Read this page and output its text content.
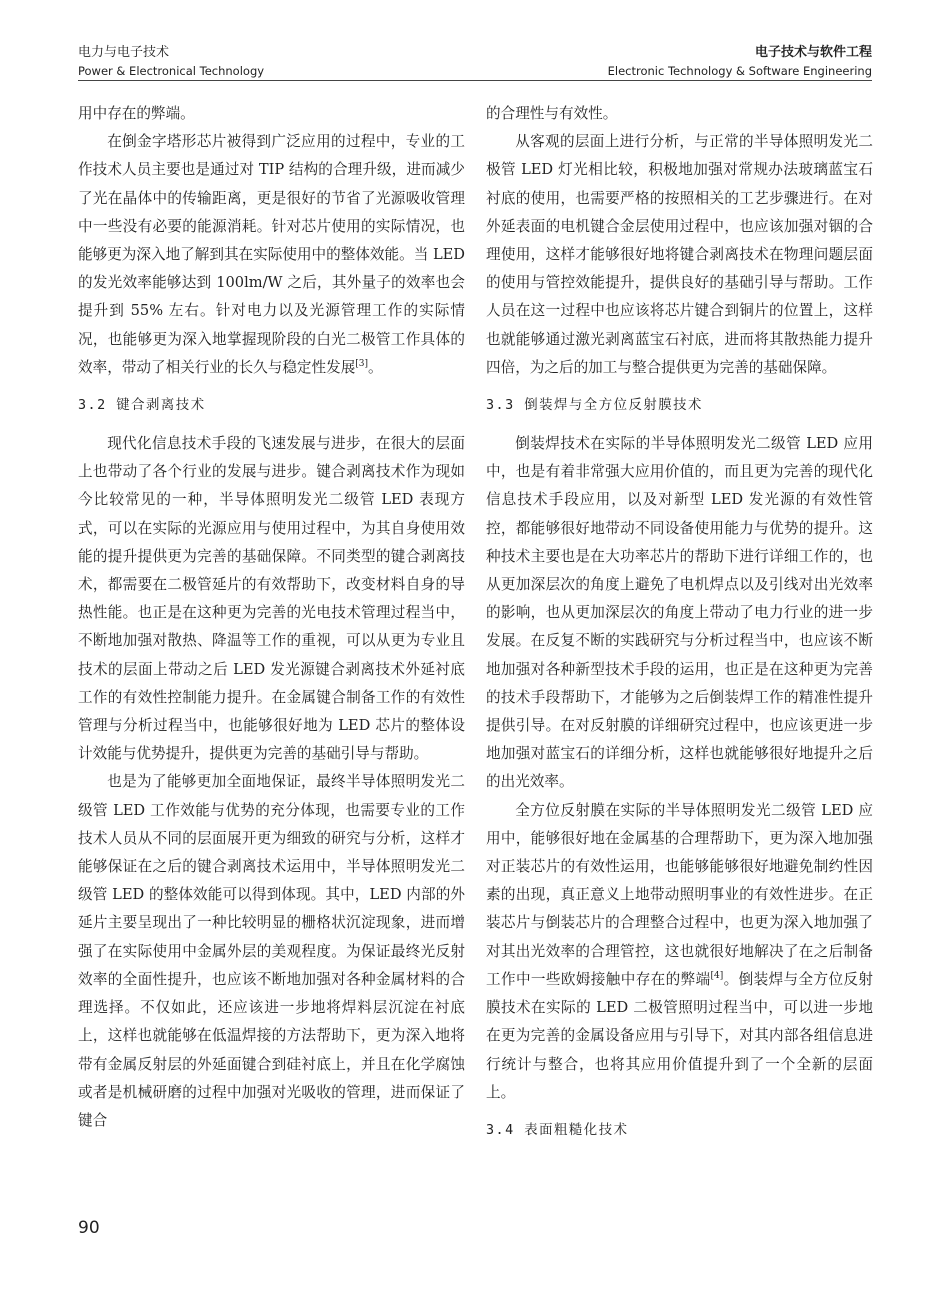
电力与电子技术
Power & Electronical Technology
电子技术与软件工程
Electronic Technology & Software Engineering

用中存在的弊端。

在倒金字塔形芯片被得到广泛应用的过程中，专业的工作技术人员主要也是通过对 TIP 结构的合理升级，进而减少了光在晶体中的传输距离，更是很好的节省了光源吸收管理中一些没有必要的能源消耗。针对芯片使用的实际情况，也能够更为深入地了解到其在实际使用中的整体效能。当 LED 的发光效率能够达到 100lm/W 之后，其外量子的效率也会提升到 55% 左右。针对电力以及光源管理工作的实际情况，也能够更为深入地掌握现阶段的白光二极管工作具体的效率，带动了相关行业的长久与稳定性发展[3]。

3.2 键合剥离技术

现代化信息技术手段的飞速发展与进步，在很大的层面上也带动了各个行业的发展与进步。键合剥离技术作为现如今比较常见的一种，半导体照明发光二级管 LED 表现方式，可以在实际的光源应用与使用过程中，为其自身使用效能的提升提供更为完善的基础保障。不同类型的键合剥离技术，都需要在二极管延片的有效帮助下，改变材料自身的导热性能。也正是在这种更为完善的光电技术管理过程当中，不断地加强对散热、降温等工作的重视，可以从更为专业且技术的层面上带动之后 LED 发光源键合剥离技术外延衬底工作的有效性控制能力提升。在金属键合制备工作的有效性管理与分析过程当中，也能够很好地为 LED 芯片的整体设计效能与优势提升，提供更为完善的基础引导与帮助。

也是为了能够更加全面地保证，最终半导体照明发光二级管 LED 工作效能与优势的充分体现，也需要专业的工作技术人员从不同的层面展开更为细致的研究与分析，这样才能够保证在之后的键合剥离技术运用中，半导体照明发光二级管 LED 的整体效能可以得到体现。其中，LED 内部的外延片主要呈现出了一种比较明显的栅格状沉淀现象，进而增强了在实际使用中金属外层的美观程度。为保证最终光反射效率的全面性提升，也应该不断地加强对各种金属材料的合理选择。不仅如此，还应该进一步地将焊料层沉淀在衬底上，这样也就能够在低温焊接的方法帮助下，更为深入地将带有金属反射层的外延面键合到硅衬底上，并且在化学腐蚀或者是机械研磨的过程中加强对光吸收的管理，进而保证了键合

的合理性与有效性。

从客观的层面上进行分析，与正常的半导体照明发光二极管 LED 灯光相比较，积极地加强对常规办法玻璃蓝宝石衬底的使用，也需要严格的按照相关的工艺步骤进行。在对外延表面的电机键合金层使用过程中，也应该加强对铟的合理使用，这样才能够很好地将键合剥离技术在物理问题层面的使用与管控效能提升，提供良好的基础引导与帮助。工作人员在这一过程中也应该将芯片键合到铜片的位置上，这样也就能够通过激光剥离蓝宝石衬底，进而将其散热能力提升四倍，为之后的加工与整合提供更为完善的基础保障。

3.3 倒装焊与全方位反射膜技术

倒装焊技术在实际的半导体照明发光二级管 LED 应用中，也是有着非常强大应用价值的，而且更为完善的现代化信息技术手段应用，以及对新型 LED 发光源的有效性管控，都能够很好地带动不同设备使用能力与优势的提升。这种技术主要也是在大功率芯片的帮助下进行详细工作的，也从更加深层次的角度上避免了电机焊点以及引线对出光效率的影响，也从更加深层次的角度上带动了电力行业的进一步发展。在反复不断的实践研究与分析过程当中，也应该不断地加强对各种新型技术手段的运用，也正是在这种更为完善的技术手段帮助下，才能够为之后倒装焊工作的精准性提升提供引导。在对反射膜的详细研究过程中，也应该更进一步地加强对蓝宝石的详细分析，这样也就能够很好地提升之后的出光效率。

全方位反射膜在实际的半导体照明发光二级管 LED 应用中，能够很好地在金属基的合理帮助下，更为深入地加强对正装芯片的有效性运用，也能够能够很好地避免制约性因素的出现，真正意义上地带动照明事业的有效性进步。在正装芯片与倒装芯片的合理整合过程中，也更为深入地加强了对其出光效率的合理管控，这也就很好地解决了在之后制备工作中一些欧姆接触中存在的弊端[4]。倒装焊与全方位反射膜技术在实际的 LED 二极管照明过程当中，可以进一步地在更为完善的金属设备应用与引导下，对其内部各组信息进行统计与整合，也将其应用价值提升到了一个全新的层面上。

3.4 表面粗糙化技术
90
